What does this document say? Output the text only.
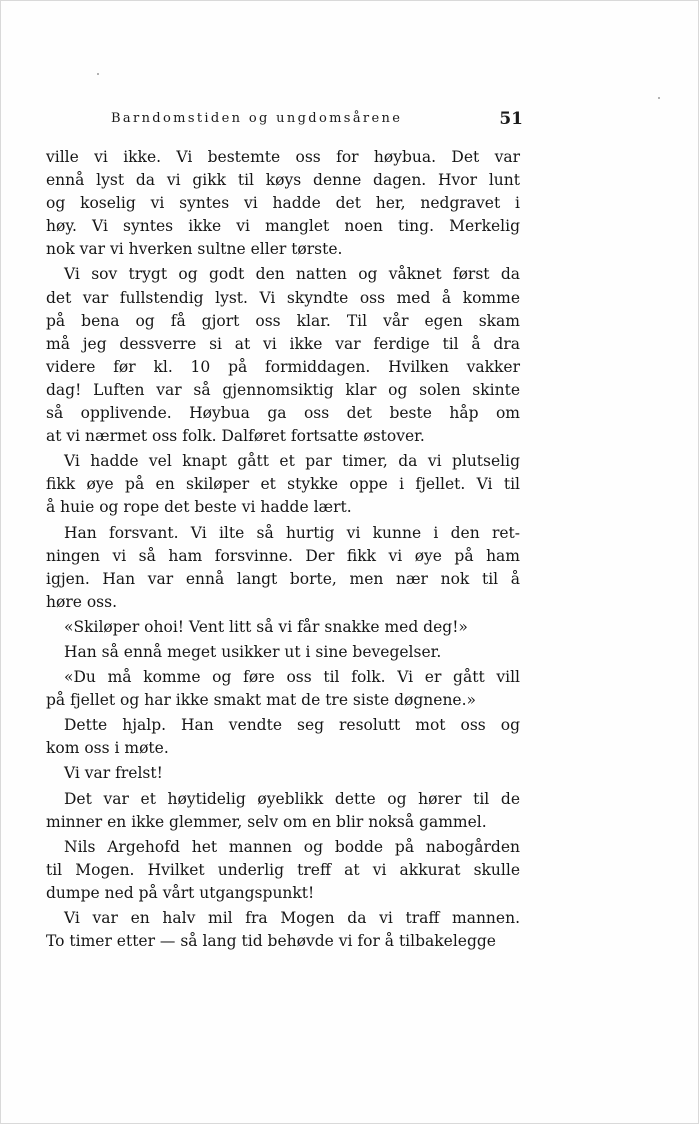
Barndomstiden og ungdomsårene	51
ville vi ikke. Vi bestemte oss for høybua. Det var
ennå lyst da vi gikk til køys denne dagen. Hvor lunt
og koselig vi syntes vi hadde det her, nedgravet i
høy. Vi syntes ikke vi manglet noen ting. Merkelig
nok var vi hverken sultne eller tørste.
Vi sov trygt og godt den natten og våknet først da
det var fullstendig lyst. Vi skyndte oss med å komme
på bena og få gjort oss klar. Til vår egen skam
må jeg dessverre si at vi ikke var ferdige til å dra
videre før kl. 10 på formiddagen. Hvilken vakker
dag! Luften var så gjennomsiktig klar og solen skinte
så opplivende. Høybua ga oss det beste håp om
at vi nærmet oss folk. Dalføret fortsatte østover.
Vi hadde vel knapt gått et par timer, da vi plutselig
fikk øye på en skiløper et stykke oppe i fjellet. Vi til
å huie og rope det beste vi hadde lært.
Han forsvant. Vi ilte så hurtig vi kunne i den ret-
ningen vi så ham forsvinne. Der fikk vi øye på ham
igjen. Han var ennå langt borte, men nær nok til å
høre oss.
«Skiløper ohoi! Vent litt så vi får snakke med deg!»
Han så ennå meget usikker ut i sine bevegelser.
«Du må komme og føre oss til folk. Vi er gått vill
på fjellet og har ikke smakt mat de tre siste døgnene.»
Dette hjalp. Han vendte seg resolutt mot oss og
kom oss i møte.
Vi var frelst!
Det var et høytidelig øyeblikk dette og hører til de
minner en ikke glemmer, selv om en blir nokså gammel.
Nils Argehofd het mannen og bodde på nabogården
til Mogen. Hvilket underlig treff at vi akkurat skulle
dumpe ned på vårt utgangspunkt!
Vi var en halv mil fra Mogen da vi traff mannen.
To timer etter — så lang tid behøvde vi for å tilbakelegge
